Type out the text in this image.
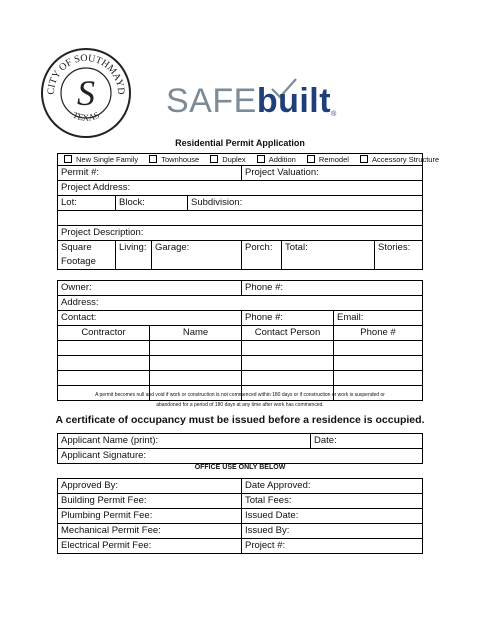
CITY OF SOUTHMAYD
TEXAS
S SAFEbuilt®
Residential Permit Application
New Single Family Townhouse Duplex Addition Remodel Accessory Structure						
Permit #:				Project Valuation:		
Project Address:						
Lot:	Block:		Subdivision:			

Project Description:						
Square Footage	Living:	Garage:		Porch:	Total:	Stories:
Owner:		Phone #:	
Address:			
Contact:		Phone #:	Email:
Contractor	Name	Contact Person	Phone #

A permit becomes null and void if work or construction is not commenced within 180 days or if construction or work is suspended or
abandoned for a period of 180 days at any time after work has commenced.
A certificate of occupancy must be issued before a residence is occupied.
Applicant Name (print):	Date:
Applicant Signature:
OFFICE USE ONLY BELOW
Approved By:	Date Approved:
Building Permit Fee:	Total Fees:
Plumbing Permit Fee:	Issued Date:
Mechanical Permit Fee:	Issued By:
Electrical Permit Fee:	Project #:
